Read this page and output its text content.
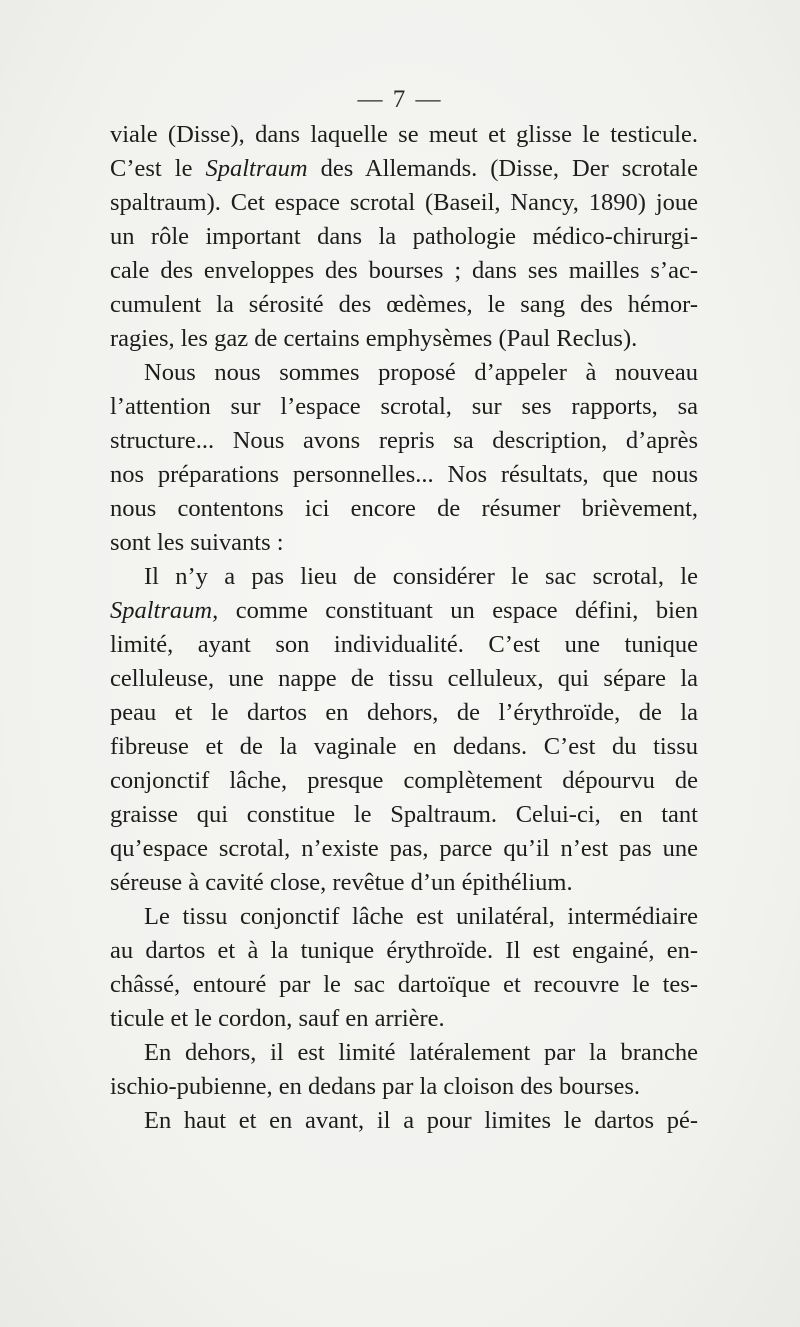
— 7 —
viale (Disse), dans laquelle se meut et glisse le testicule.
C’est le Spaltraum des Allemands. (Disse, Der scrotale
spaltraum). Cet espace scrotal (Baseil, Nancy, 1890) joue
un rôle important dans la pathologie médico-chirurgi-
cale des enveloppes des bourses ; dans ses mailles s’ac-
cumulent la sérosité des œdèmes, le sang des hémor-
ragies, les gaz de certains emphysèmes (Paul Reclus).
Nous nous sommes proposé d’appeler à nouveau
l’attention sur l’espace scrotal, sur ses rapports, sa
structure... Nous avons repris sa description, d’après
nos préparations personnelles... Nos résultats, que nous
nous contentons ici encore de résumer brièvement,
sont les suivants :
Il n’y a pas lieu de considérer le sac scrotal, le
Spaltraum, comme constituant un espace défini, bien
limité, ayant son individualité. C’est une tunique
celluleuse, une nappe de tissu celluleux, qui sépare la
peau et le dartos en dehors, de l’érythroïde, de la
fibreuse et de la vaginale en dedans. C’est du tissu
conjonctif lâche, presque complètement dépourvu de
graisse qui constitue le Spaltraum. Celui-ci, en tant
qu’espace scrotal, n’existe pas, parce qu’il n’est pas une
séreuse à cavité close, revêtue d’un épithélium.
Le tissu conjonctif lâche est unilatéral, intermédiaire
au dartos et à la tunique érythroïde. Il est engainé, en-
châssé, entouré par le sac dartoïque et recouvre le tes-
ticule et le cordon, sauf en arrière.
En dehors, il est limité latéralement par la branche
ischio-pubienne, en dedans par la cloison des bourses.
En haut et en avant, il a pour limites le dartos pé-
